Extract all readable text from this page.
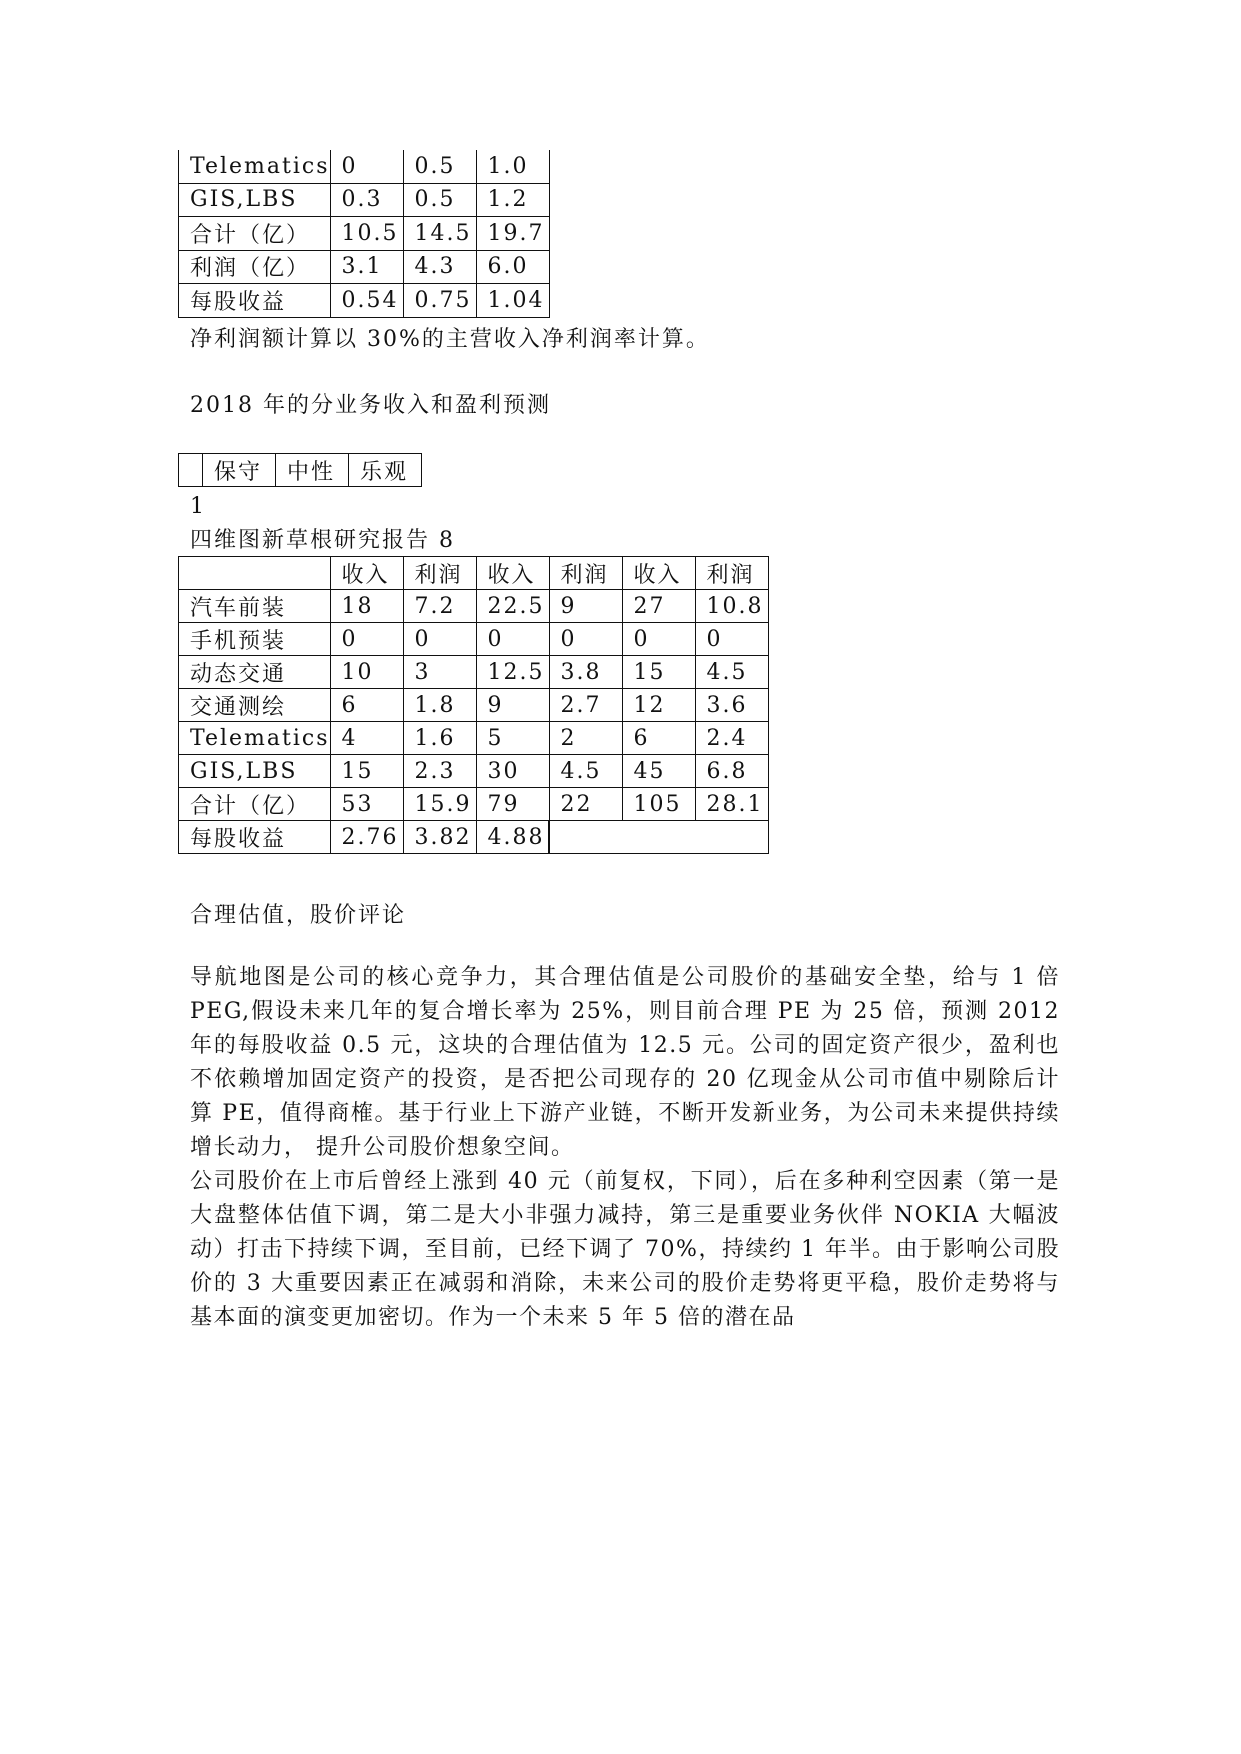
Telematics	0	0.5	1.0
GIS,LBS	0.3	0.5	1.2
合计（亿）	10.5	14.5	19.7
利润（亿）	3.1	4.3	6.0
每股收益	0.54	0.75	1.04
净利润额计算以 30%的主营收入净利润率计算。
2018 年的分业务收入和盈利预测
	保守	中性	乐观
1
四维图新草根研究报告 8
	收入	利润	收入	利润	收入	利润
汽车前装	18	7.2	22.5	9	27	10.8
手机预装	0	0	0	0	0	0
动态交通	10	3	12.5	3.8	15	4.5
交通测绘	6	1.8	9	2.7	12	3.6
Telematics	4	1.6	5	2	6	2.4
GIS,LBS	15	2.3	30	4.5	45	6.8
合计（亿）	53	15.9	79	22	105	28.1
每股收益	2.76	3.82	4.88			
合理估值，股价评论

导航地图是公司的核心竞争力，其合理估值是公司股价的基础安全垫，给与 1 倍 PEG,假设未来几年的复合增长率为 25%，则目前合理 PE 为 25 倍，预测 2012 年的每股收益 0.5 元，这块的合理估值为 12.5 元。公司的固定资产很少，盈利也不依赖增加固定资产的投资，是否把公司现存的 20 亿现金从公司市值中剔除后计算 PE，值得商榷。基于行业上下游产业链，不断开发新业务，为公司未来提供持续增长动力， 提升公司股价想象空间。

公司股价在上市后曾经上涨到 40 元（前复权，下同），后在多种利空因素（第一是大盘整体估值下调，第二是大小非强力减持，第三是重要业务伙伴 NOKIA 大幅波动）打击下持续下调，至目前，已经下调了 70%，持续约 1 年半。由于影响公司股价的 3 大重要因素正在减弱和消除，未来公司的股价走势将更平稳，股价走势将与基本面的演变更加密切。作为一个未来 5 年 5 倍的潜在品
